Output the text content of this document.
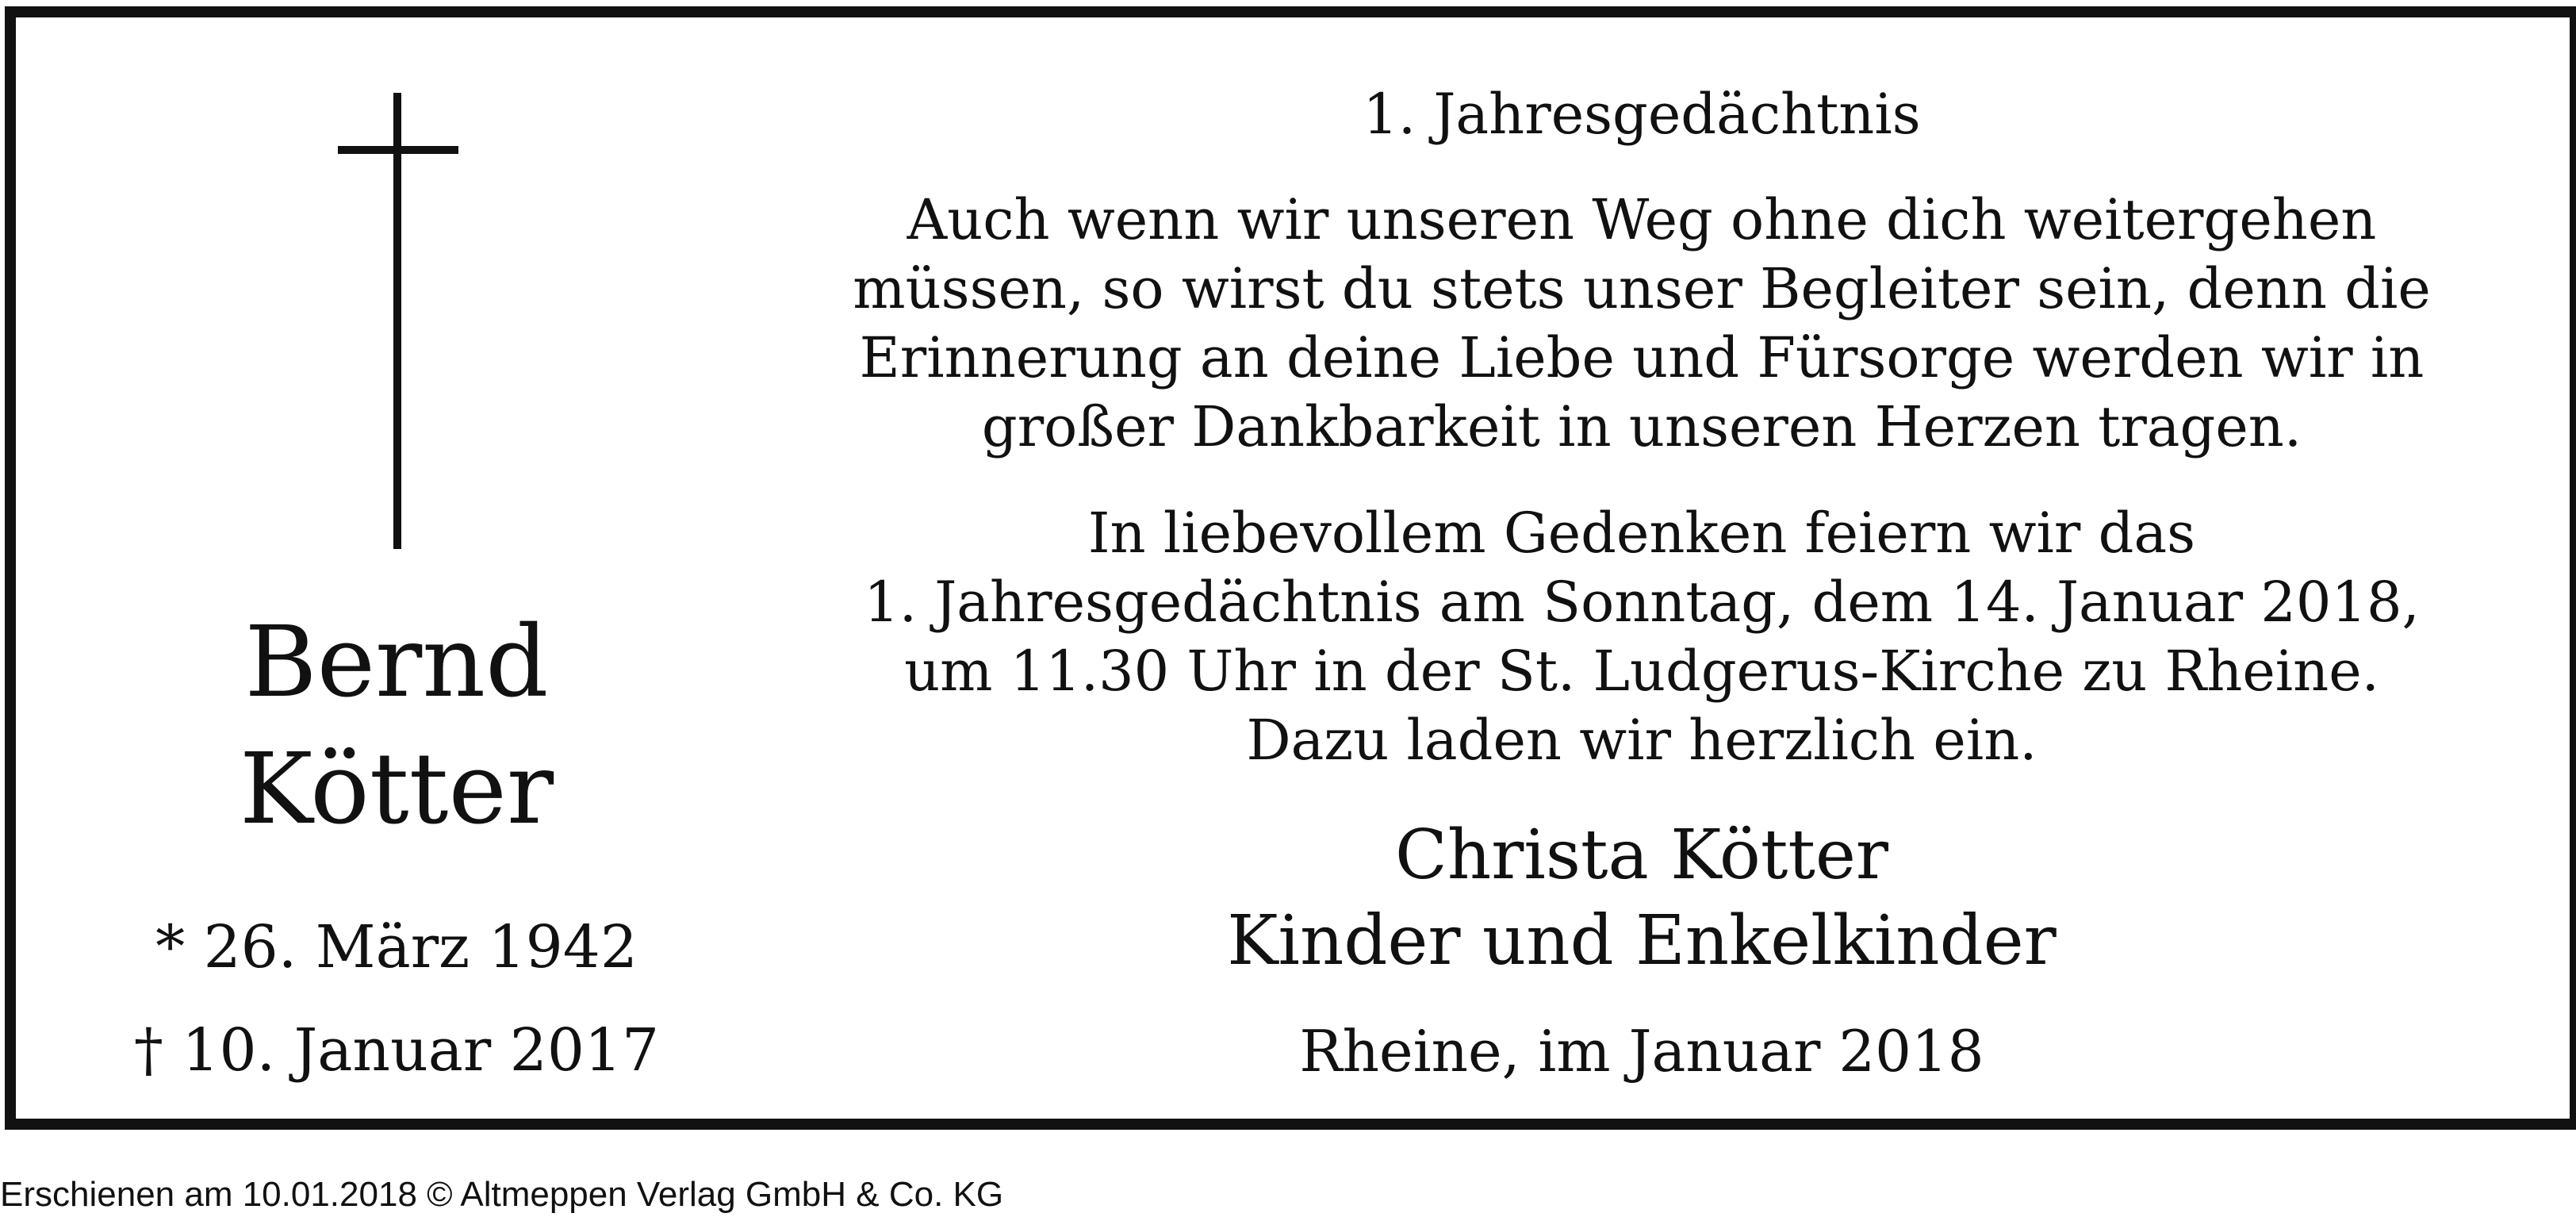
Bernd
Kötter
* 26. März 1942
† 10. Januar 2017
1. Jahresgedächtnis
Auch wenn wir unseren Weg ohne dich weitergehen
müssen, so wirst du stets unser Begleiter sein, denn die
Erinnerung an deine Liebe und Fürsorge werden wir in
großer Dankbarkeit in unseren Herzen tragen.
In liebevollem Gedenken feiern wir das
1. Jahresgedächtnis am Sonntag, dem 14. Januar 2018,
um 11.30 Uhr in der St. Ludgerus-Kirche zu Rheine.
Dazu laden wir herzlich ein.
Christa Kötter
Kinder und Enkelkinder
Rheine, im Januar 2018
Erschienen am 10.01.2018 © Altmeppen Verlag GmbH & Co. KG
